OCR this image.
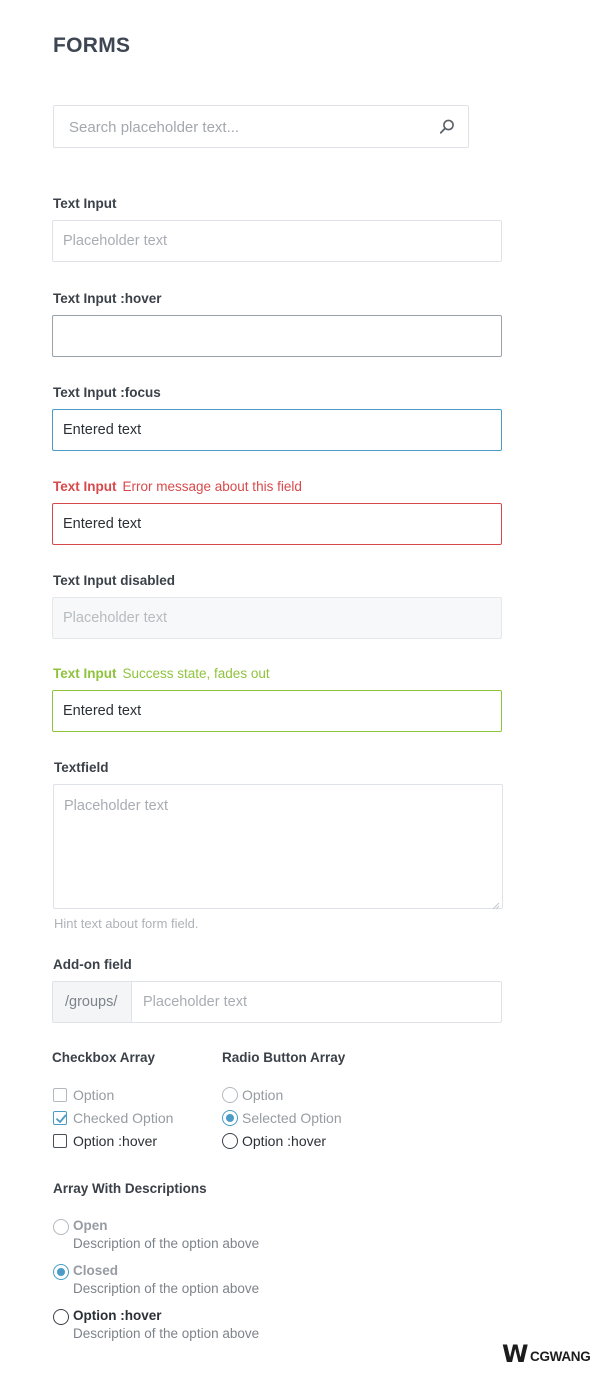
FORMS
Search placeholder text...
Text Input
Placeholder text
Text Input :hover
Text Input :focus
Entered text
Text Input Error message about this field
Entered text
Text Input disabled
Placeholder text
Text Input Success state, fades out
Entered text
Textfield
Placeholder text
Hint text about form field.
Add-on field
/groups/ Placeholder text
Checkbox Array
Option
Checked Option
Option :hover
Radio Button Array
Option
Selected Option
Option :hover
Array With Descriptions
Open
Description of the option above
Closed
Description of the option above
Option :hover
Description of the option above
W CGWANG
